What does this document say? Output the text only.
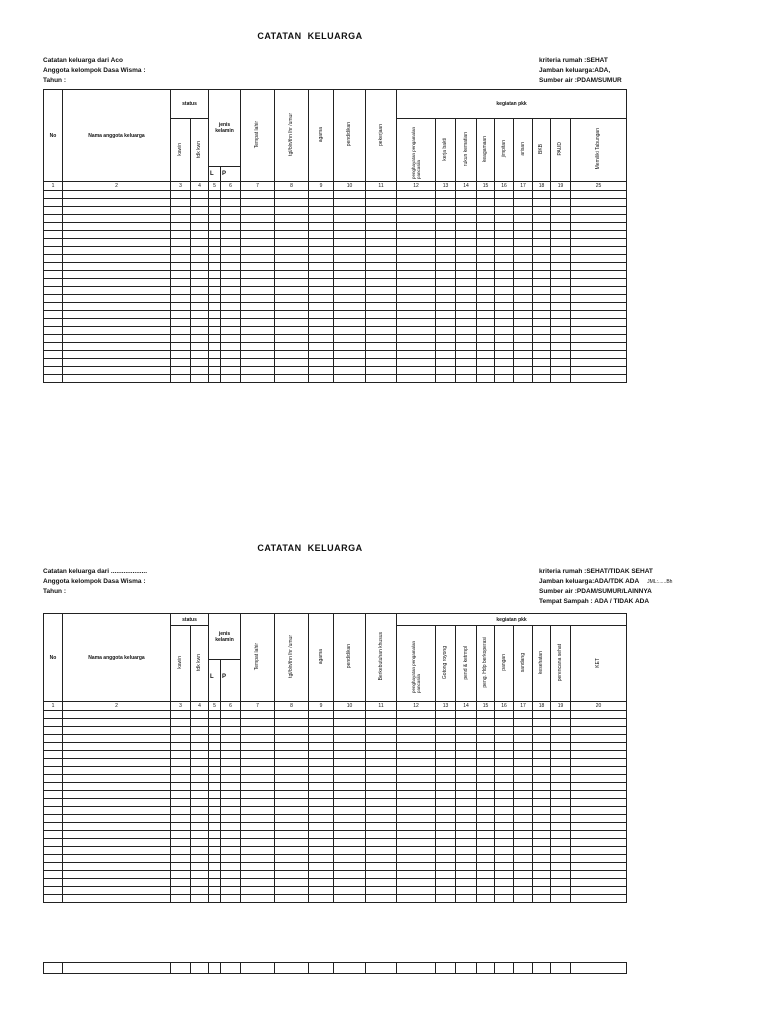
CATATAN KELUARGA
Catatan keluarga dari Aco
Anggota kelompok Dasa Wisma :
Tahun :
kriteria rumah :SEHAT
Jamban keluarga:ADA,
Sumber air :PDAM/SUMUR
No	Nama anggota keluarga	status		jenis kelamin		Tempat lahir	tgl/bln/thn lhr /umur	agama	pendidikan	pekerjaan	kegiatan pkk								
		kawin	tdk kwn								penghayatan pengamalan pancasila	kerja bakti	rukun kematian	keagamaan	jimpitan	arisan	BKB	PAUD	Memiliki Tabungan
				L	P														
1	2	3	4	5	6	7	8	9	10	11	12	13	14	15	16	17	18	19	25

CATATAN KELUARGA
Catatan keluarga dari ....................
Anggota kelompok Dasa Wisma :
Tahun :
kriteria rumah :SEHAT/TIDAK SEHAT
Jamban keluarga:ADA/TDK ADA JML:......Bh
Sumber air :PDAM/SUMUR/LAINNYA
Tempat Sampah : ADA / TIDAK ADA
No	Nama anggota keluarga	status		jenis kelamin		Tempat lahir	tgl/bln/thn lhr /umur	agama	pendidikan	Berkebutuhan khusus	kegiatan pkk								
		kawin	tdk kwn								penghayatan pengamalan pancasila	Gotong royong	pend & ketrmpl	peng. Hdp berkoperasi	pangan	sandang	kesehatan	perencana sehat	KET
				L	P														
1	2	3	4	5	6	7	8	9	10	11	12	13	14	15	16	17	18	19	20
